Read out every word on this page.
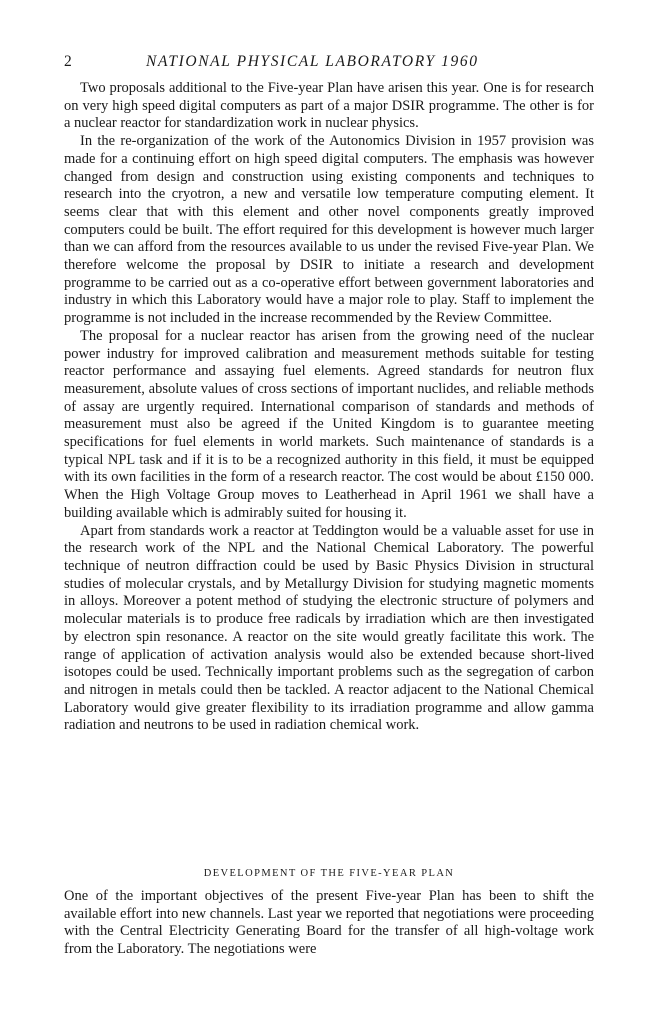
2	NATIONAL PHYSICAL LABORATORY 1960

Two proposals additional to the Five-year Plan have arisen this year. One is for research on very high speed digital computers as part of a major DSIR programme. The other is for a nuclear reactor for standardization work in nuclear physics.

In the re-organization of the work of the Autonomics Division in 1957 provision was made for a continuing effort on high speed digital computers. The emphasis was however changed from design and construction using existing components and techniques to research into the cryotron, a new and versatile low temperature computing element. It seems clear that with this element and other novel components greatly improved computers could be built. The effort required for this development is however much larger than we can afford from the resources available to us under the revised Five-year Plan. We therefore welcome the proposal by DSIR to initiate a research and development programme to be carried out as a co-operative effort between government laboratories and industry in which this Laboratory would have a major role to play. Staff to implement the programme is not included in the increase recommended by the Review Committee.

The proposal for a nuclear reactor has arisen from the growing need of the nuclear power industry for improved calibration and measurement methods suitable for testing reactor performance and assaying fuel elements. Agreed standards for neutron flux measurement, absolute values of cross sections of important nuclides, and reliable methods of assay are urgently required. International comparison of standards and methods of measurement must also be agreed if the United Kingdom is to guarantee meeting specifications for fuel elements in world markets. Such maintenance of standards is a typical NPL task and if it is to be a recognized authority in this field, it must be equipped with its own facilities in the form of a research reactor. The cost would be about £150 000. When the High Voltage Group moves to Leatherhead in April 1961 we shall have a building available which is admirably suited for housing it.

Apart from standards work a reactor at Teddington would be a valuable asset for use in the research work of the NPL and the National Chemical Laboratory. The powerful technique of neutron diffraction could be used by Basic Physics Division in structural studies of molecular crystals, and by Metallurgy Division for studying magnetic moments in alloys. Moreover a potent method of studying the electronic structure of polymers and molecular materials is to produce free radicals by irradiation which are then investigated by electron spin resonance. A reactor on the site would greatly facilitate this work. The range of application of activation analysis would also be extended because short-lived isotopes could be used. Technically important problems such as the segregation of carbon and nitrogen in metals could then be tackled. A reactor adjacent to the National Chemical Laboratory would give greater flexibility to its irradiation programme and allow gamma radiation and neutrons to be used in radiation chemical work.

DEVELOPMENT OF THE FIVE-YEAR PLAN

One of the important objectives of the present Five-year Plan has been to shift the available effort into new channels. Last year we reported that negotiations were proceeding with the Central Electricity Generating Board for the transfer of all high-voltage work from the Laboratory. The negotiations were
